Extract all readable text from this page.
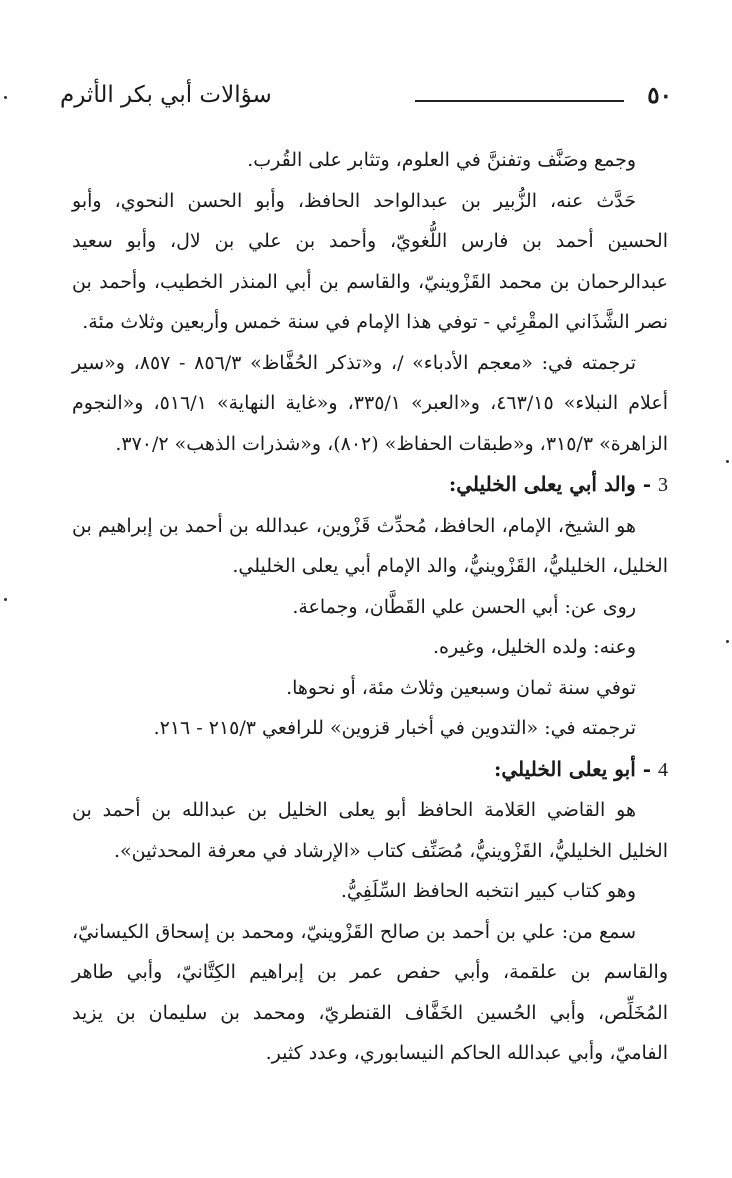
٥٠
سؤالات أبي بكر الأثرم

وجمع وصَنَّف وتفننَّ في العلوم، وتثابر على القُرب.

حَدَّث عنه، الزُّبير بن عبدالواحد الحافظ، وأبو الحسن النحوي، وأبو الحسين أحمد بن فارس اللُّغويّ، وأحمد بن علي بن لال، وأبو سعيد عبدالرحمان بن محمد القَزْوينيّ، والقاسم بن أبي المنذر الخطيب، وأحمد بن نصر الشَّذَاني المقْرِئي - توفي هذا الإمام في سنة خمس وأربعين وثلاث مئة.

ترجمته في: «معجم الأدباء» /، و«تذكر الحُفَّاظ» ٨٥٦/٣ - ٨٥٧، و«سير أعلام النبلاء» ٤٦٣/١٥، و«العبر» ٣٣٥/١، و«غاية النهاية» ٥١٦/١، و«النجوم الزاهرة» ٣١٥/٣، و«طبقات الحفاظ» (٨٠٢)، و«شذرات الذهب» ٣٧٠/٢.

3 - والد أبي يعلى الخليلي:

هو الشيخ، الإمام، الحافظ، مُحدِّث قَزْوين، عبدالله بن أحمد بن إبراهيم بن الخليل، الخليليُّ، القَزْوينيُّ، والد الإمام أبي يعلى الخليلي.

روى عن: أبي الحسن علي القَطَّان، وجماعة.

وعنه: ولده الخليل، وغيره.

توفي سنة ثمان وسبعين وثلاث مئة، أو نحوها.

ترجمته في: «التدوين في أخبار قزوين» للرافعي ٢١٥/٣ - ٢١٦.

4 - أبو يعلى الخليلي:

هو القاضي العَلامة الحافظ أبو يعلى الخليل بن عبدالله بن أحمد بن الخليل الخليليُّ، القَزْوينيُّ، مُصَنِّف كتاب «الإرشاد في معرفة المحدثين».

وهو كتاب كبير انتخبه الحافظ السِّلَفِيُّ.

سمع من: علي بن أحمد بن صالح القَزْوينيّ، ومحمد بن إسحاق الكيسانيّ، والقاسم بن علقمة، وأبي حفص عمر بن إبراهيم الكِتَّانيّ، وأبي طاهر المُخَلِّص، وأبي الحُسين الخَفَّاف القنطريّ، ومحمد بن سليمان بن يزيد الفاميّ، وأبي عبدالله الحاكم النيسابوري، وعدد كثير.
